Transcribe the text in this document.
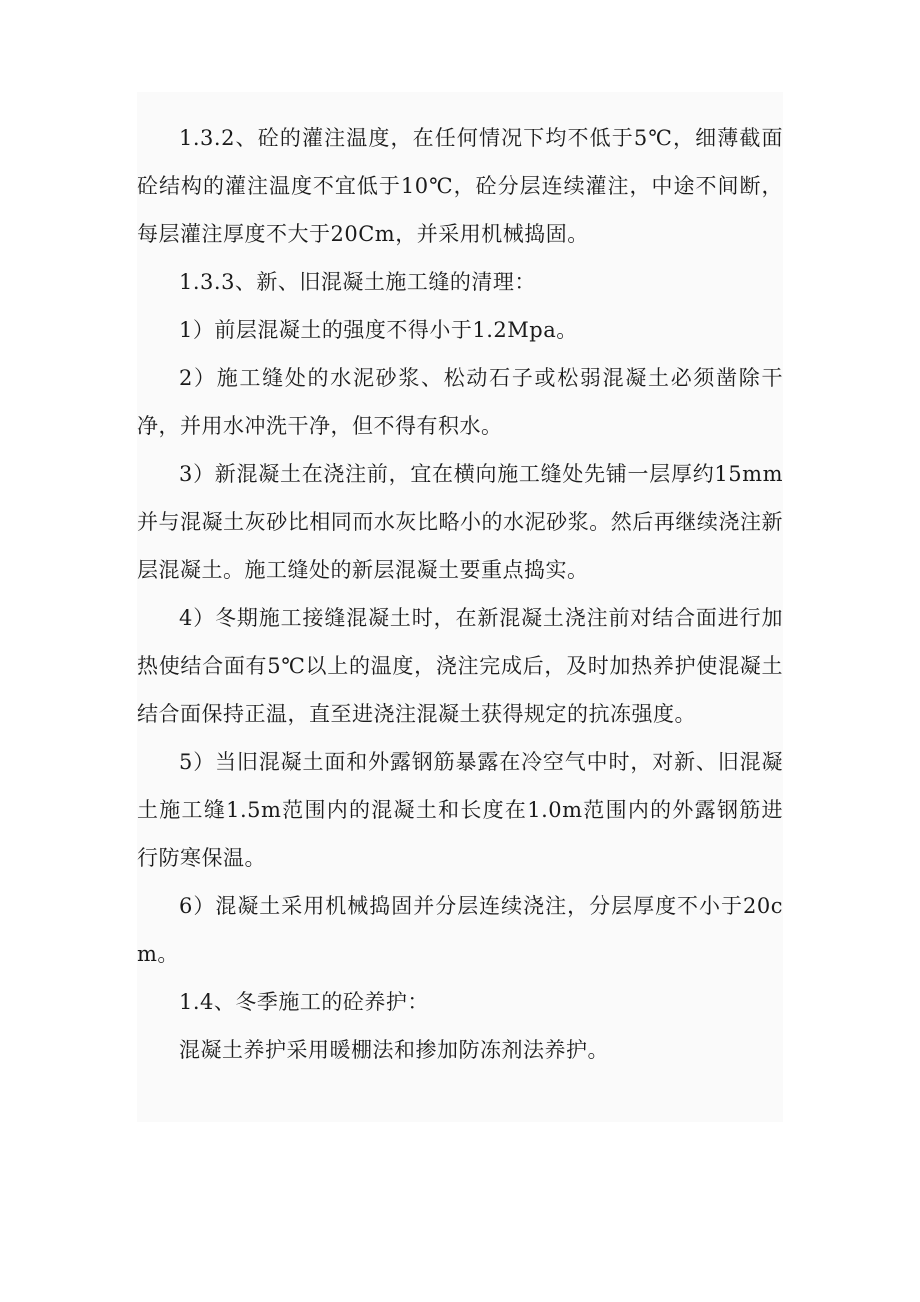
1.3.2、砼的灌注温度，在任何情况下均不低于5℃，细薄截面砼结构的灌注温度不宜低于10℃，砼分层连续灌注，中途不间断，每层灌注厚度不大于20Cm，并采用机械捣固。

1.3.3、新、旧混凝土施工缝的清理：

1）前层混凝土的强度不得小于1.2Mpa。

2）施工缝处的水泥砂浆、松动石子或松弱混凝土必须凿除干净，并用水冲洗干净，但不得有积水。

3）新混凝土在浇注前，宜在横向施工缝处先铺一层厚约15mm并与混凝土灰砂比相同而水灰比略小的水泥砂浆。然后再继续浇注新层混凝土。施工缝处的新层混凝土要重点捣实。

4）冬期施工接缝混凝土时，在新混凝土浇注前对结合面进行加热使结合面有5℃以上的温度，浇注完成后，及时加热养护使混凝土结合面保持正温，直至进浇注混凝土获得规定的抗冻强度。

5）当旧混凝土面和外露钢筋暴露在冷空气中时，对新、旧混凝土施工缝1.5m范围内的混凝土和长度在1.0m范围内的外露钢筋进行防寒保温。

6）混凝土采用机械捣固并分层连续浇注，分层厚度不小于20cm。

1.4、冬季施工的砼养护：

混凝土养护采用暖棚法和掺加防冻剂法养护。
